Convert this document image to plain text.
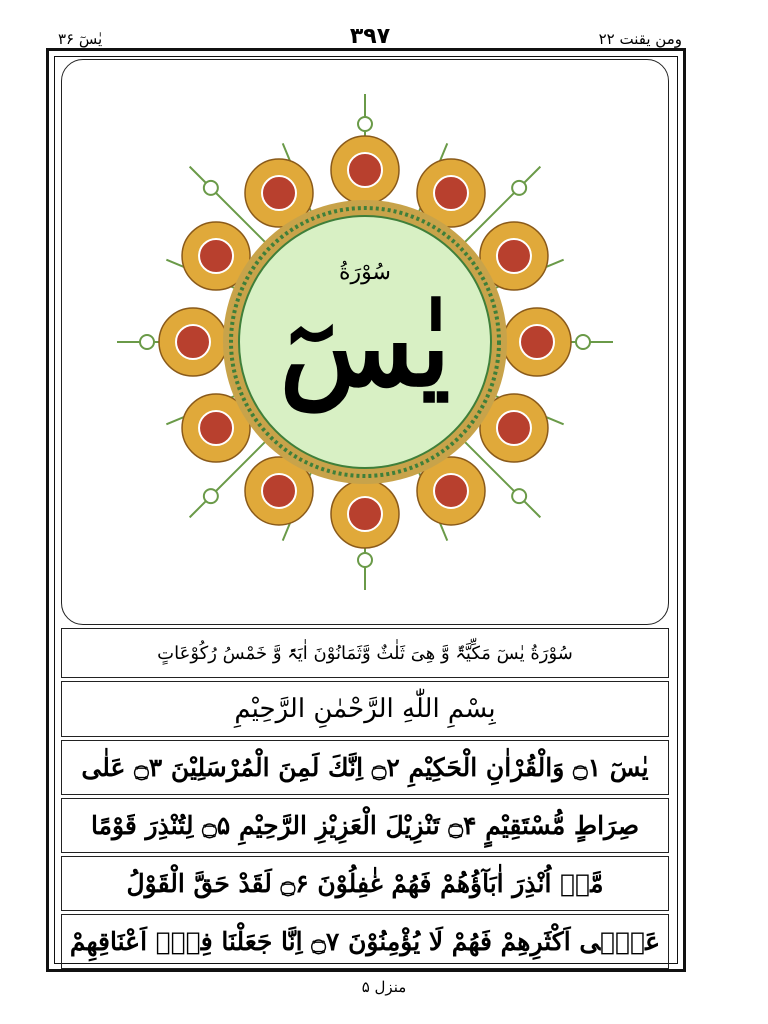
یٰسٓ ۳۶	۳۹۷	ومن یقنت ۲۲
سُوْرَةُ
یٰسٓ
سُوْرَةُ یٰسٓ مَکِّیَّۃٌ وَّ هِیَ ثَلٰثٌ وَّثَمَانُوْنَ اٰیَۃً وَّ خَمْسُ رُکُوْعَاتٍ
بِسْمِ اللّٰهِ الرَّحْمٰنِ الرَّحِیْمِ
یٰسٓ ۝۱ وَالْقُرْاٰنِ الْحَكِیْمِ ۝۲ اِنَّكَ لَمِنَ الْمُرْسَلِیْنَ ۝۳ عَلٰى
صِرَاطٍ مُّسْتَقِیْمٍ ۝۴ تَنْزِیْلَ الْعَزِیْزِ الرَّحِیْمِ ۝۵ لِتُنْذِرَ قَوْمًا
مَّاۤ اُنْذِرَ اٰبَآؤُهُمْ فَهُمْ غٰفِلُوْنَ ۝۶ لَقَدْ حَقَّ الْقَوْلُ
عَلٰۤى اَكْثَرِهِمْ فَهُمْ لَا یُؤْمِنُوْنَ ۝۷ اِنَّا جَعَلْنَا فِیْۤ اَعْنَاقِهِمْ
منزل ۵
